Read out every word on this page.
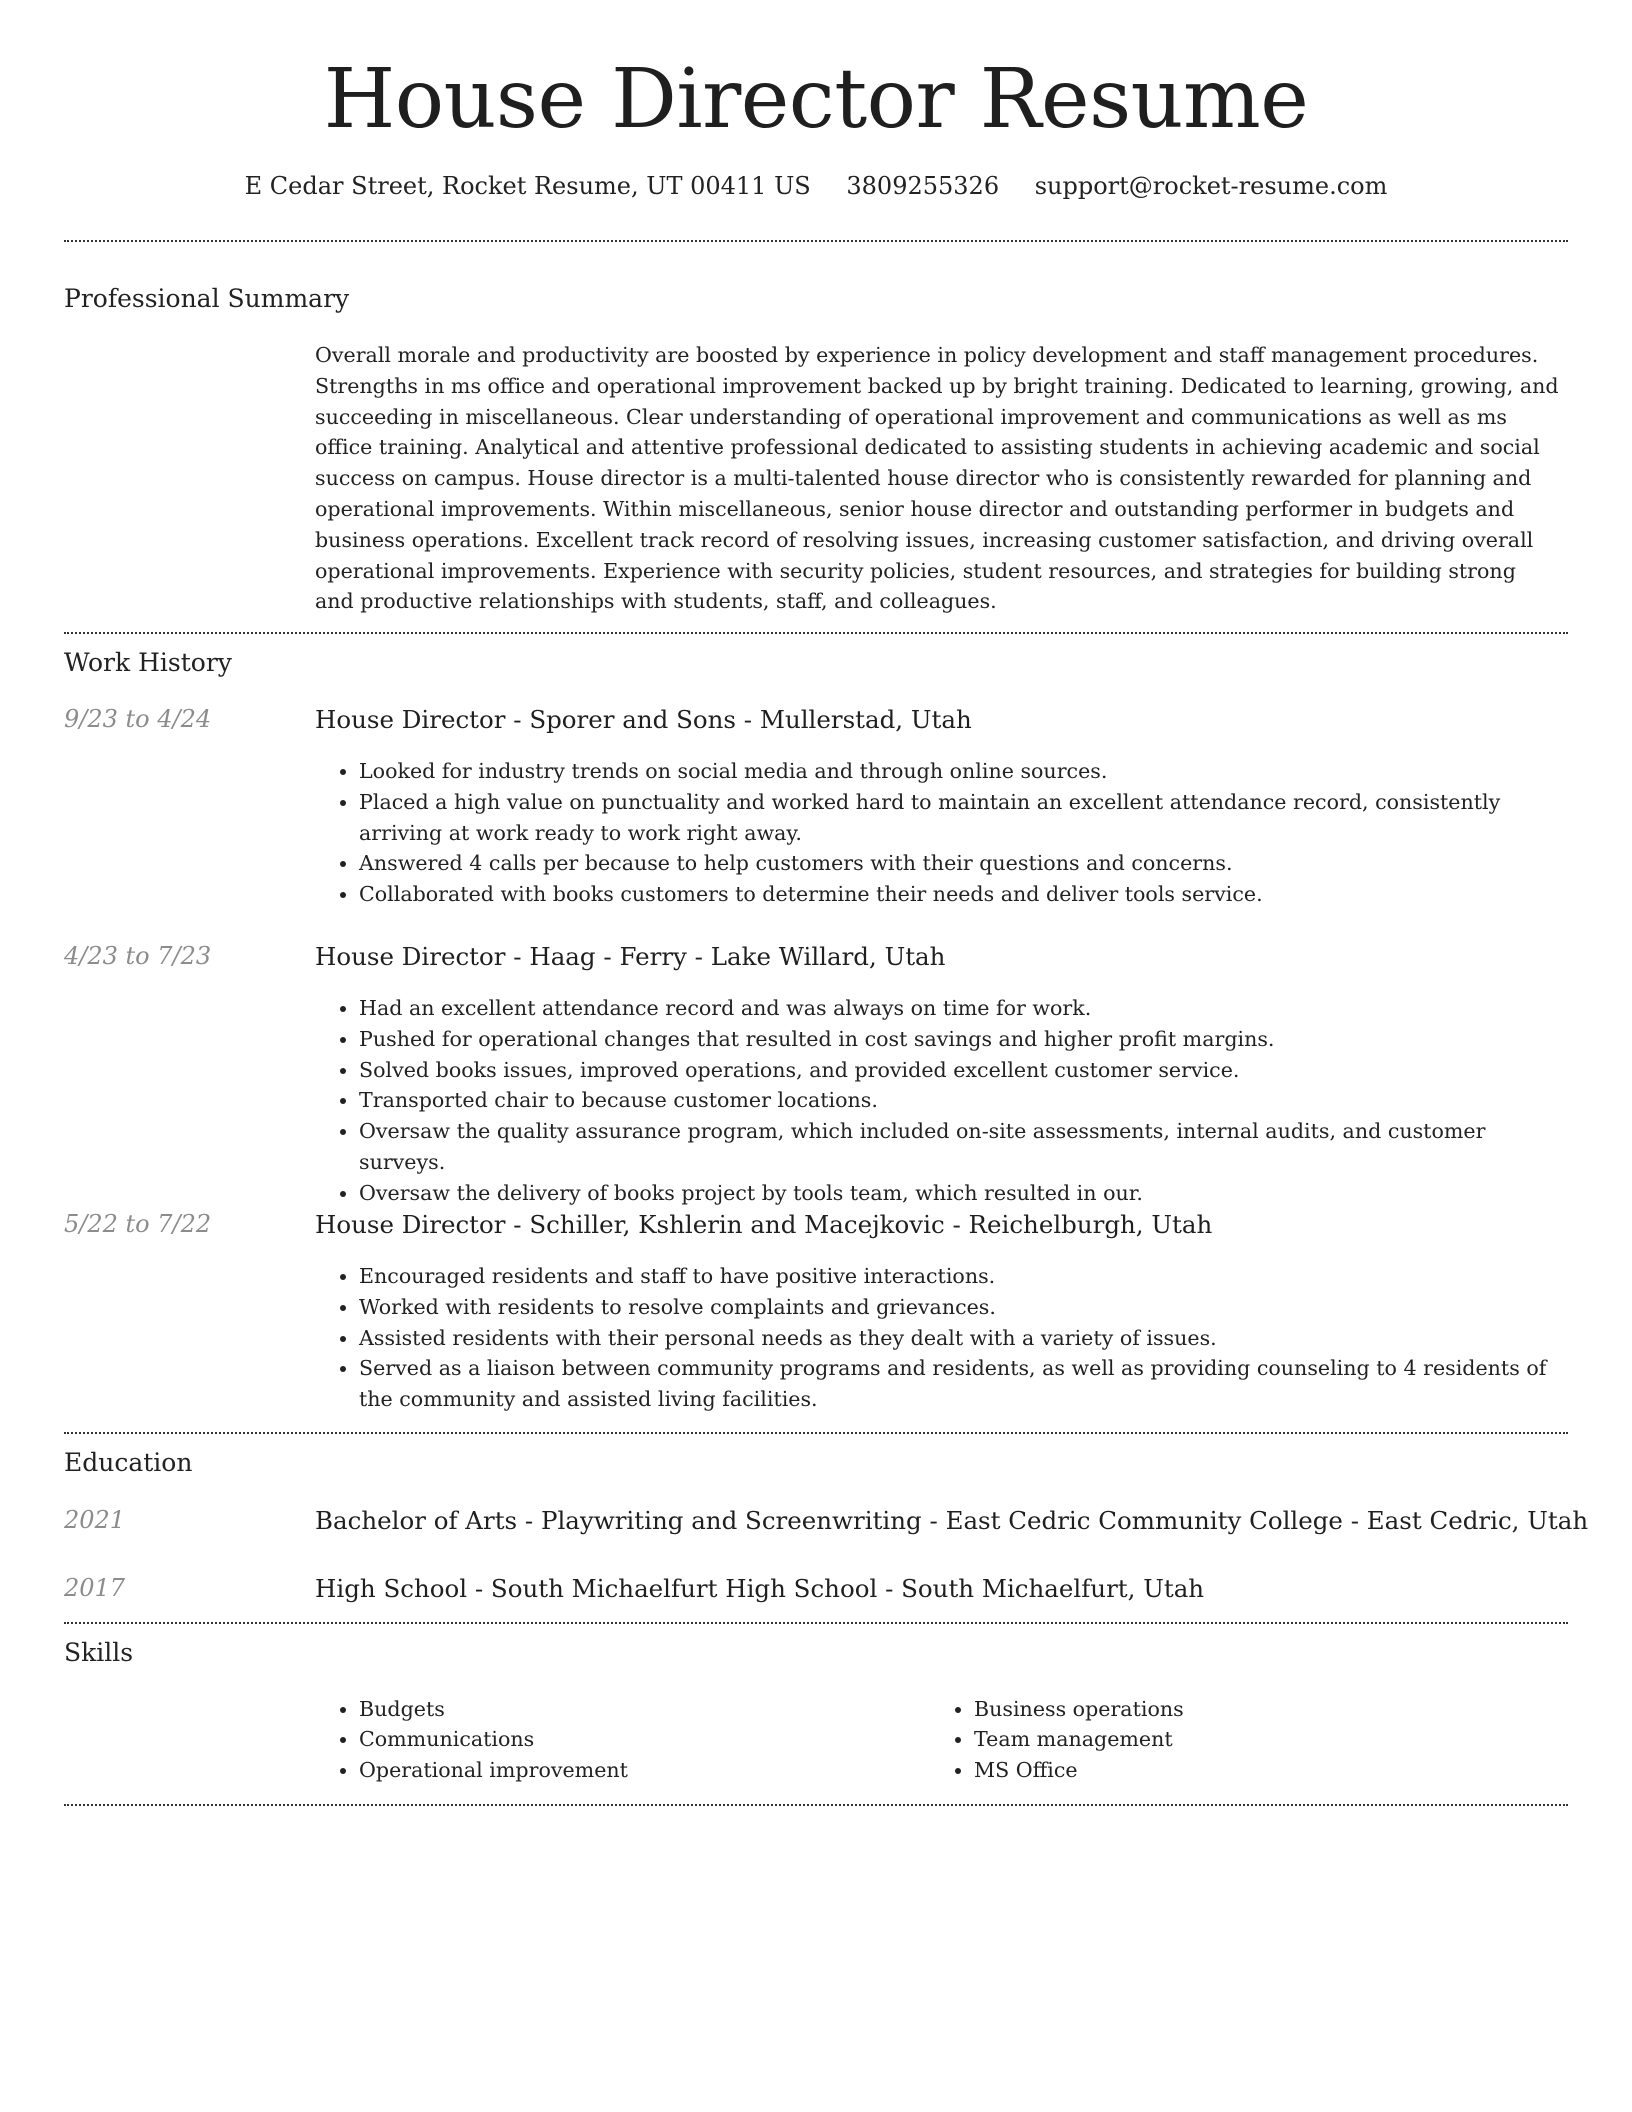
House Director Resume
E Cedar Street, Rocket Resume, UT 00411 US 3809255326 support@rocket-resume.com
Professional Summary
Overall morale and productivity are boosted by experience in policy development and staff management procedures. Strengths in ms office and operational improvement backed up by bright training. Dedicated to learning, growing, and succeeding in miscellaneous. Clear understanding of operational improvement and communications as well as ms office training. Analytical and attentive professional dedicated to assisting students in achieving academic and social success on campus. House director is a multi-talented house director who is consistently rewarded for planning and operational improvements. Within miscellaneous, senior house director and outstanding performer in budgets and business operations. Excellent track record of resolving issues, increasing customer satisfaction, and driving overall operational improvements. Experience with security policies, student resources, and strategies for building strong and productive relationships with students, staff, and colleagues.
Work History
9/23 to 4/24	House Director - Sporer and Sons - Mullerstad, Utah
• Looked for industry trends on social media and through online sources.
• Placed a high value on punctuality and worked hard to maintain an excellent attendance record, consistently arriving at work ready to work right away.
• Answered 4 calls per because to help customers with their questions and concerns.
• Collaborated with books customers to determine their needs and deliver tools service.
4/23 to 7/23	House Director - Haag - Ferry - Lake Willard, Utah
• Had an excellent attendance record and was always on time for work.
• Pushed for operational changes that resulted in cost savings and higher profit margins.
• Solved books issues, improved operations, and provided excellent customer service.
• Transported chair to because customer locations.
• Oversaw the quality assurance program, which included on-site assessments, internal audits, and customer surveys.
• Oversaw the delivery of books project by tools team, which resulted in our.
5/22 to 7/22	House Director - Schiller, Kshlerin and Macejkovic - Reichelburgh, Utah
• Encouraged residents and staff to have positive interactions.
• Worked with residents to resolve complaints and grievances.
• Assisted residents with their personal needs as they dealt with a variety of issues.
• Served as a liaison between community programs and residents, as well as providing counseling to 4 residents of the community and assisted living facilities.
Education
2021	Bachelor of Arts - Playwriting and Screenwriting - East Cedric Community College - East Cedric, Utah
2017	High School - South Michaelfurt High School - South Michaelfurt, Utah
Skills
• Budgets
• Communications
• Operational improvement
• Business operations
• Team management
• MS Office
